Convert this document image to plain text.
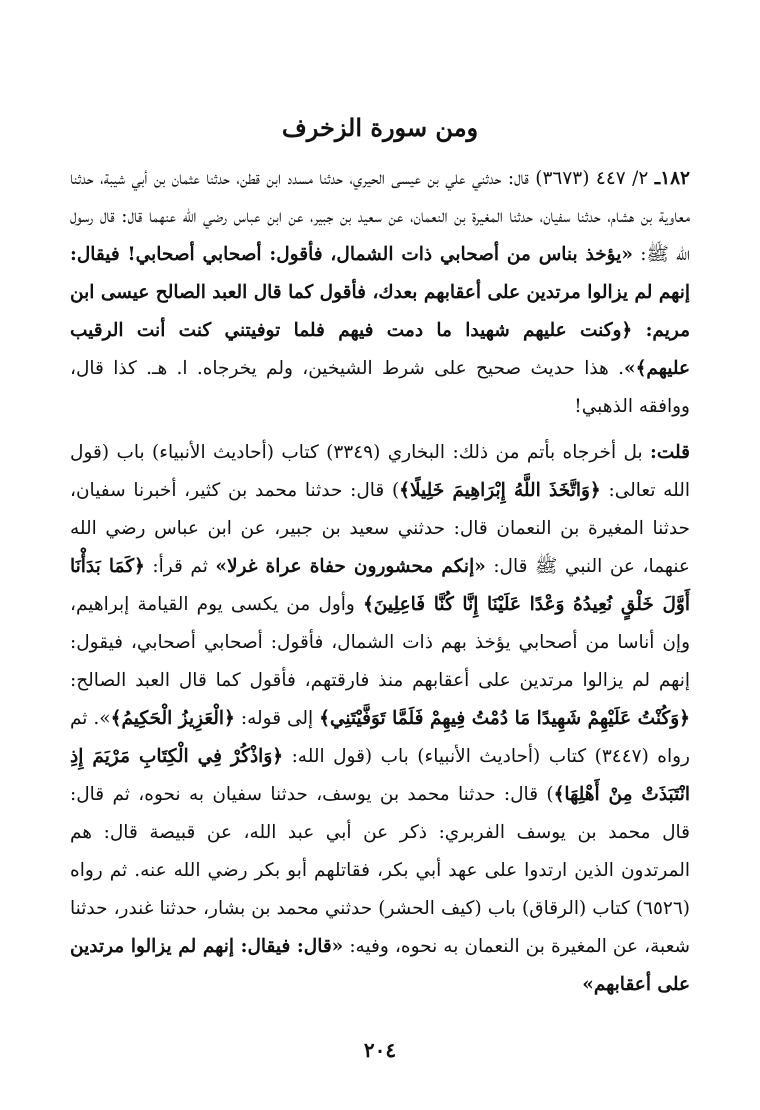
ومن سورة الزخرف

١٨٢ـ ٢/ ٤٤٧ (٣٦٧٣) قال: حدثني علي بن عيسى الحيري، حدثنا مسدد ابن قطن، حدثنا عثمان بن أبي شيبة، حدثنا معاوية بن هشام، حدثنا سفيان، حدثنا المغيرة بن النعمان، عن سعيد بن جبير، عن ابن عباس رضي الله عنهما قال: قال رسول الله ﷺ: «يؤخذ بناس من أصحابي ذات الشمال، فأقول: أصحابي أصحابي! فيقال: إنهم لم يزالوا مرتدين على أعقابهم بعدك، فأقول كما قال العبد الصالح عيسى ابن مريم: ﴿وكنت عليهم شهيدا ما دمت فيهم فلما توفيتني كنت أنت الرقيب عليهم﴾». هذا حديث صحيح على شرط الشيخين، ولم يخرجاه. ا. هـ. كذا قال، ووافقه الذهبي!

قلت: بل أخرجاه بأتم من ذلك: البخاري (٣٣٤٩) كتاب (أحاديث الأنبياء) باب (قول الله تعالى: ﴿وَاتَّخَذَ اللَّهُ إِبْرَاهِيمَ خَلِيلًا﴾) قال: حدثنا محمد بن كثير، أخبرنا سفيان، حدثنا المغيرة بن النعمان قال: حدثني سعيد بن جبير، عن ابن عباس رضي الله عنهما، عن النبي ﷺ قال: «إنكم محشورون حفاة عراة غرلا» ثم قرأ: ﴿كَمَا بَدَأْنَا أَوَّلَ خَلْقٍ نُعِيدُهُ وَعْدًا عَلَيْنَا إِنَّا كُنَّا فَاعِلِينَ﴾ وأول من يكسى يوم القيامة إبراهيم، وإن أناسا من أصحابي يؤخذ بهم ذات الشمال، فأقول: أصحابي أصحابي، فيقول: إنهم لم يزالوا مرتدين على أعقابهم منذ فارقتهم، فأقول كما قال العبد الصالح: ﴿وَكُنْتُ عَلَيْهِمْ شَهِيدًا مَا دُمْتُ فِيهِمْ فَلَمَّا تَوَفَّيْتَنِي﴾ إلى قوله: ﴿الْعَزِيزُ الْحَكِيمُ﴾». ثم رواه (٣٤٤٧) كتاب (أحاديث الأنبياء) باب (قول الله: ﴿وَاذْكُرْ فِي الْكِتَابِ مَرْيَمَ إِذِ انْتَبَذَتْ مِنْ أَهْلِهَا﴾) قال: حدثنا محمد بن يوسف، حدثنا سفيان به نحوه، ثم قال: قال محمد بن يوسف الفربري: ذكر عن أبي عبد الله، عن قبيصة قال: هم المرتدون الذين ارتدوا على عهد أبي بكر، فقاتلهم أبو بكر رضي الله عنه. ثم رواه (٦٥٢٦) كتاب (الرقاق) باب (كيف الحشر) حدثني محمد بن بشار، حدثنا غندر، حدثنا شعبة، عن المغيرة بن النعمان به نحوه، وفيه: «قال: فيقال: إنهم لم يزالوا مرتدين على أعقابهم»

٢٠٤
